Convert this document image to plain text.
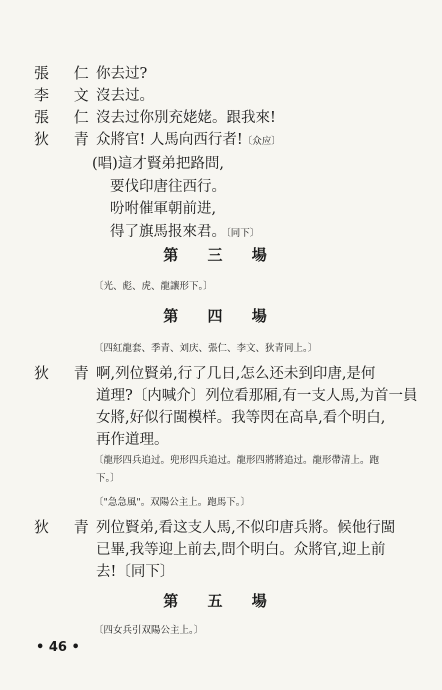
張 仁
你去过?
李 文
沒去过。
張 仁
沒去过你別充姥姥。跟我來!
狄 青
众將官! 人馬向西行者!〔众应〕
(唱)這才賢弟把路問,
要伐印唐往西行。
吩咐催軍朝前进,
得了旗馬报來君。〔同下〕
第 三 場
〔光、彪、虎、龍讓形下。〕
第 四 場
〔四紅龍套、季青、刘庆、張仁、李文、狄青同上。〕
狄 青
啊,列位賢弟,行了几日,怎么还未到印唐,是何
道理?〔内喊介〕列位看那厢,有一支人馬,为首一員
女將,好似行閩模样。我等閃在高阜,看个明白,
再作道理。
〔龍形四兵追过。兜形四兵追过。龍形四將將追过。龍形帶清上。跑
下。〕
〔"急急風"。双陽公主上。跑馬下。〕
狄 青
列位賢弟,看这支人馬,不似印唐兵將。候他行閩
已畢,我等迎上前去,問个明白。众將官,迎上前
去!〔同下〕
第 五 場
〔四女兵引双陽公主上。〕
• 46 •
